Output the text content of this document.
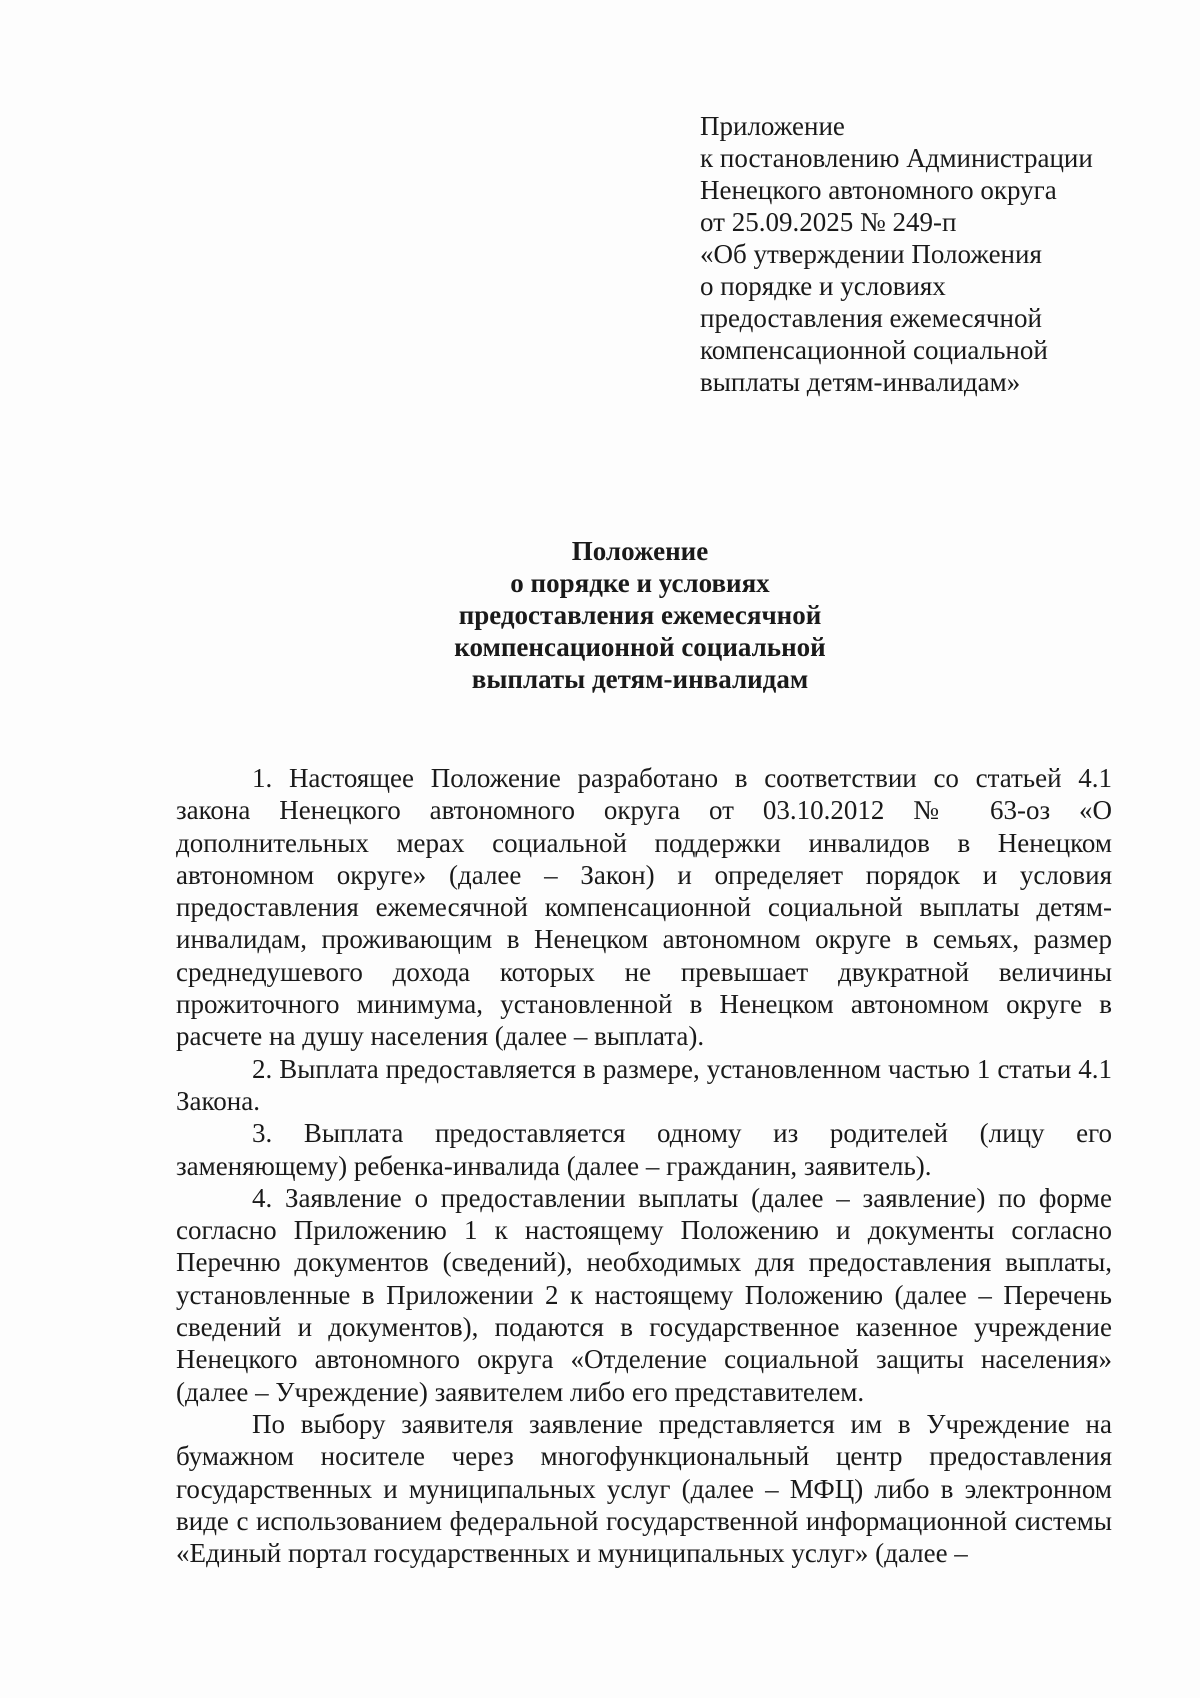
Приложение
к постановлению Администрации
Ненецкого автономного округа
от 25.09.2025 № 249-п
«Об утверждении Положения
о порядке и условиях
предоставления ежемесячной
компенсационной социальной
выплаты детям-инвалидам»
Положение
о порядке и условиях
предоставления ежемесячной
компенсационной социальной
выплаты детям-инвалидам

1. Настоящее Положение разработано в соответствии со статьей 4.1 закона Ненецкого автономного округа от 03.10.2012 № 63-оз «О дополнительных мерах социальной поддержки инвалидов в Ненецком автономном округе» (далее – Закон) и определяет порядок и условия предоставления ежемесячной компенсационной социальной выплаты детям-инвалидам, проживающим в Ненецком автономном округе в семьях, размер среднедушевого дохода которых не превышает двукратной величины прожиточного минимума, установленной в Ненецком автономном округе в расчете на душу населения (далее – выплата).

2. Выплата предоставляется в размере, установленном частью 1 статьи 4.1 Закона.

3. Выплата предоставляется одному из родителей (лицу его заменяющему) ребенка-инвалида (далее – гражданин, заявитель).

4. Заявление о предоставлении выплаты (далее – заявление) по форме согласно Приложению 1 к настоящему Положению и документы согласно Перечню документов (сведений), необходимых для предоставления выплаты, установленные в Приложении 2 к настоящему Положению (далее – Перечень сведений и документов), подаются в государственное казенное учреждение Ненецкого автономного округа «Отделение социальной защиты населения» (далее – Учреждение) заявителем либо его представителем.

По выбору заявителя заявление представляется им в Учреждение на бумажном носителе через многофункциональный центр предоставления государственных и муниципальных услуг (далее – МФЦ) либо в электронном виде с использованием федеральной государственной информационной системы «Единый портал государственных и муниципальных услуг» (далее –
